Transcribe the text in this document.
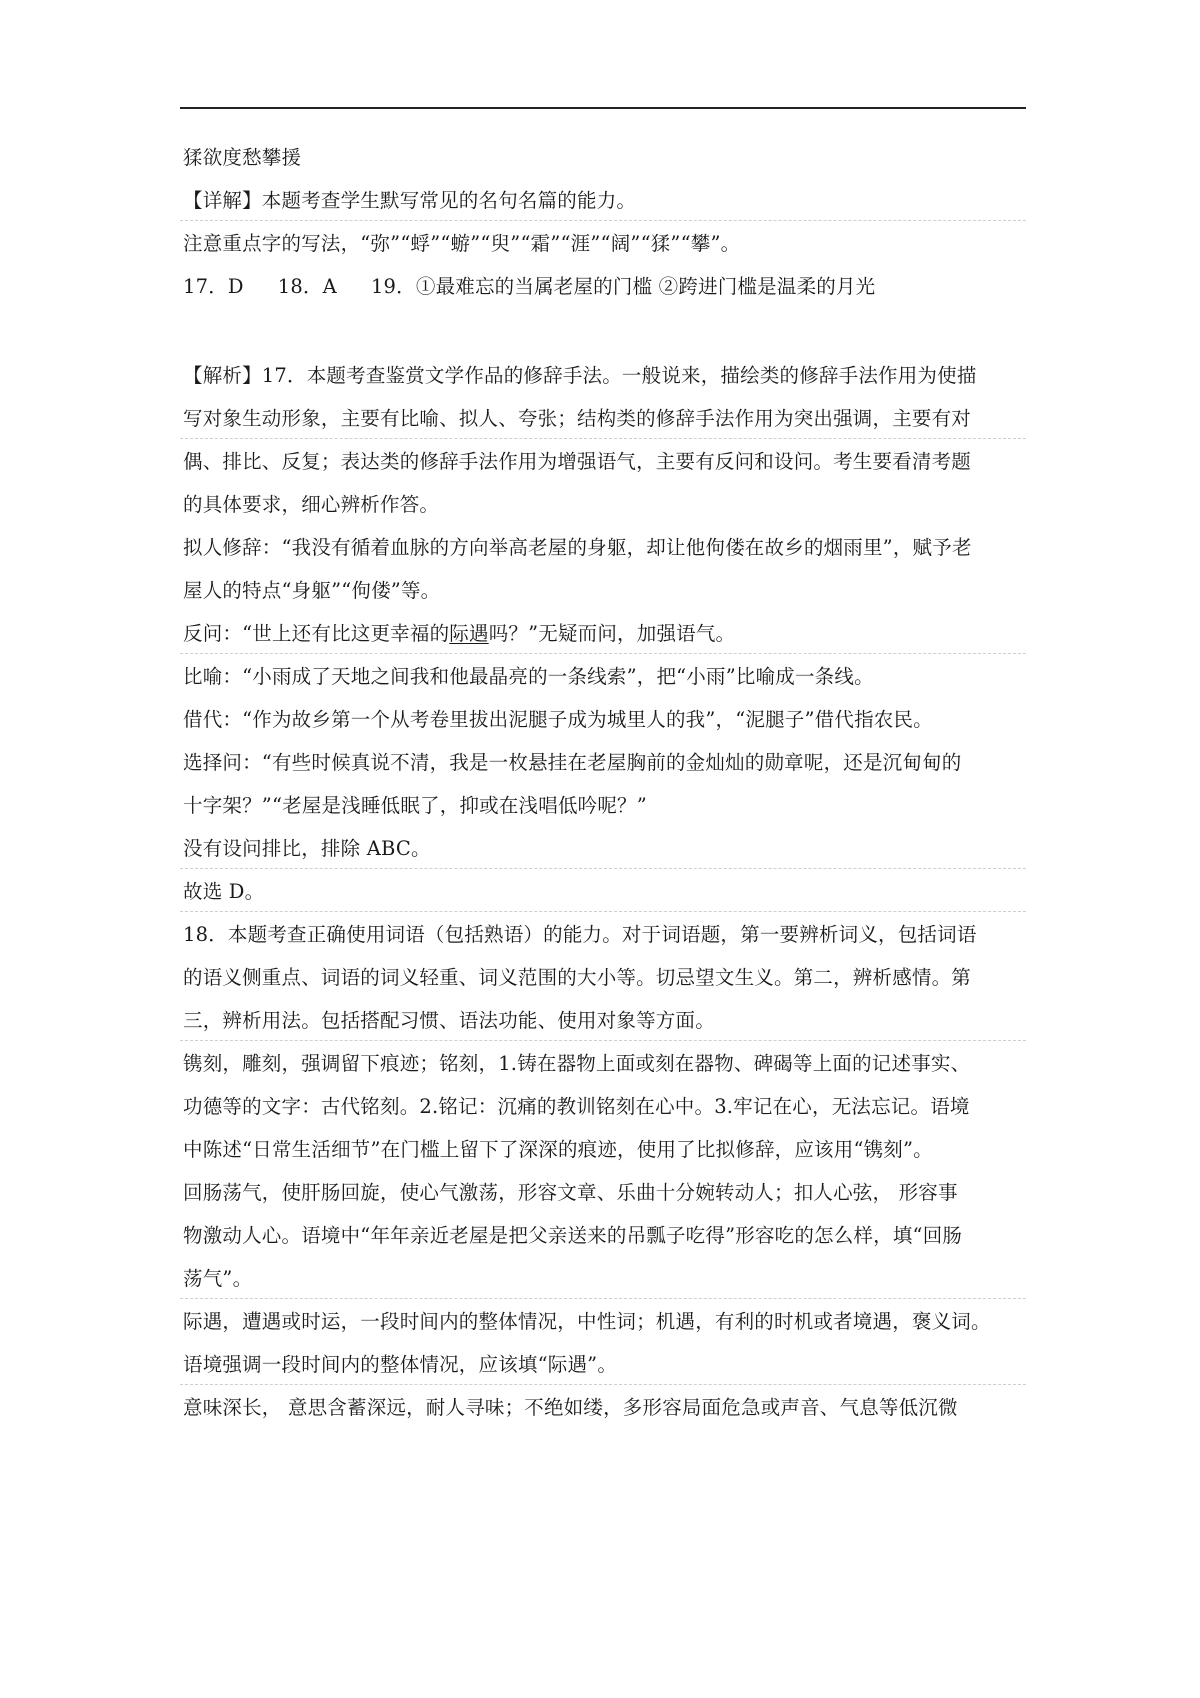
猱欲度愁攀援
【详解】本题考查学生默写常见的名句名篇的能力。
注意重点字的写法，“弥”“蜉”“蝣”“臾”“霜”“涯”“阔”“猱”“攀”。
17．D 18．A 19．①最难忘的当属老屋的门槛 ②跨进门槛是温柔的月光
【解析】17．本题考查鉴赏文学作品的修辞手法。一般说来，描绘类的修辞手法作用为使描
写对象生动形象，主要有比喻、拟人、夸张；结构类的修辞手法作用为突出强调，主要有对
偶、排比、反复；表达类的修辞手法作用为增强语气，主要有反问和设问。考生要看清考题
的具体要求，细心辨析作答。
拟人修辞：“我没有循着血脉的方向举高老屋的身躯，却让他佝偻在故乡的烟雨里”，赋予老
屋人的特点“身躯”“佝偻”等。
反问：“世上还有比这更幸福的际遇吗？”无疑而问，加强语气。
比喻：“小雨成了天地之间我和他最晶亮的一条线索”，把“小雨”比喻成一条线。
借代：“作为故乡第一个从考卷里拔出泥腿子成为城里人的我”，“泥腿子”借代指农民。
选择问：“有些时候真说不清，我是一枚悬挂在老屋胸前的金灿灿的勋章呢，还是沉甸甸的
十字架？”“老屋是浅睡低眠了，抑或在浅唱低吟呢？”
没有设问排比，排除 ABC。
故选 D。
18．本题考查正确使用词语（包括熟语）的能力。对于词语题，第一要辨析词义，包括词语
的语义侧重点、词语的词义轻重、词义范围的大小等。切忌望文生义。第二，辨析感情。第
三，辨析用法。包括搭配习惯、语法功能、使用对象等方面。
镌刻，雕刻，强调留下痕迹；铭刻，1.铸在器物上面或刻在器物、碑碣等上面的记述事实、
功德等的文字：古代铭刻。2.铭记：沉痛的教训铭刻在心中。3.牢记在心，无法忘记。语境
中陈述“日常生活细节”在门槛上留下了深深的痕迹，使用了比拟修辞，应该用“镌刻”。
回肠荡气，使肝肠回旋，使心气激荡，形容文章、乐曲十分婉转动人；扣人心弦， 形容事
物激动人心。语境中“年年亲近老屋是把父亲送来的吊瓢子吃得”形容吃的怎么样，填“回肠
荡气”。
际遇，遭遇或时运，一段时间内的整体情况，中性词；机遇，有利的时机或者境遇，褒义词。
语境强调一段时间内的整体情况，应该填“际遇”。
意味深长， 意思含蓄深远，耐人寻味；不绝如缕，多形容局面危急或声音、气息等低沉微
